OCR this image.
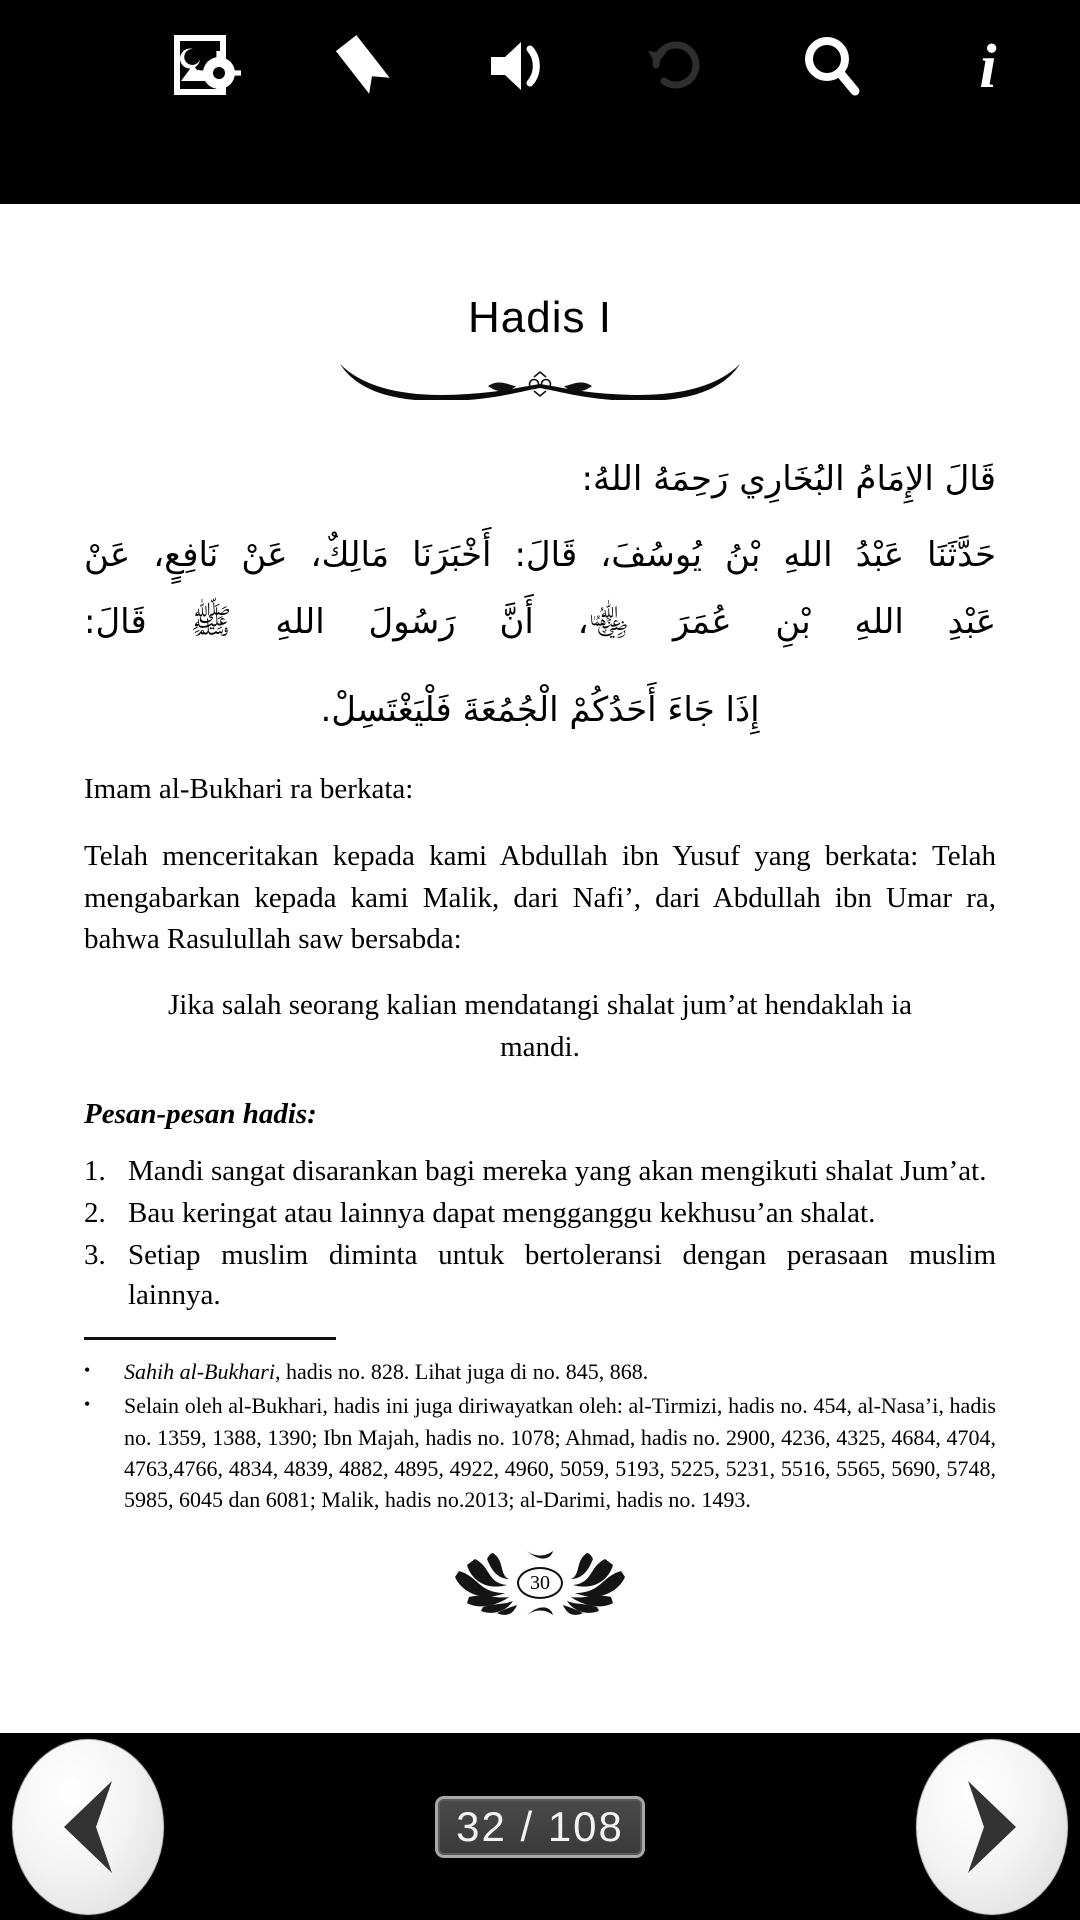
i
Hadis I
قَالَ الإِمَامُ البُخَارِي رَحِمَهُ اللهُ:
حَدَّثَنَا عَبْدُ اللهِ بْنُ يُوسُفَ، قَالَ: أَخْبَرَنَا مَالِكٌ، عَنْ نَافِعٍ، عَنْ
عَبْدِ اللهِ بْنِ عُمَرَ ﵄، أَنَّ رَسُولَ اللهِ ﷺ قَالَ:
إِذَا جَاءَ أَحَدُكُمْ الْجُمُعَةَ فَلْيَغْتَسِلْ.

Imam al-Bukhari ra berkata:

Telah menceritakan kepada kami Abdullah ibn Yusuf yang berkata: Telah mengabarkan kepada kami Malik, dari Nafi’, dari Abdullah ibn Umar ra, bahwa Rasulullah saw bersabda:

Jika salah seorang kalian mendatangi shalat jum’at hendaklah ia mandi.

Pesan-pesan hadis:

1. Mandi sangat disarankan bagi mereka yang akan mengikuti shalat Jum’at.
2. Bau keringat atau lainnya dapat mengganggu kekhusu’an shalat.
3. Setiap muslim diminta untuk bertoleransi dengan perasaan muslim lainnya.
•	Sahih al-Bukhari, hadis no. 828. Lihat juga di no. 845, 868.
•	Selain oleh al-Bukhari, hadis ini juga diriwayatkan oleh: al-Tirmizi, hadis no. 454, al-Nasa’i, hadis no. 1359, 1388, 1390; Ibn Majah, hadis no. 1078; Ahmad, hadis no. 2900, 4236, 4325, 4684, 4704, 4763,4766, 4834, 4839, 4882, 4895, 4922, 4960, 5059, 5193, 5225, 5231, 5516, 5565, 5690, 5748, 5985, 6045 dan 6081; Malik, hadis no.2013; al-Darimi, hadis no. 1493.
30
32 / 108
